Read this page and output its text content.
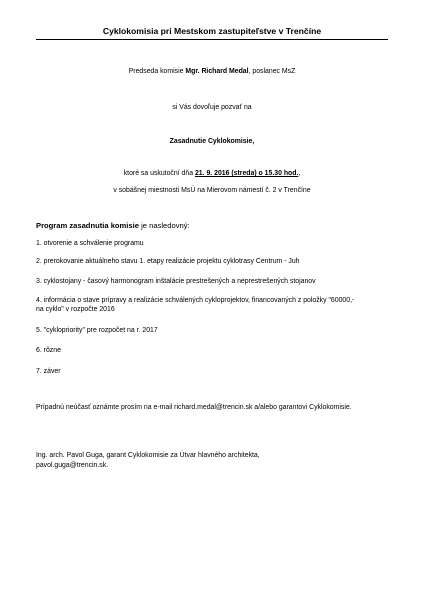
Cyklokomisia pri Mestskom zastupiteľstve v Trenčíne
Predseda komisie Mgr. Richard Medal, poslanec MsZ
si Vás dovoľuje pozvať na
Zasadnutie Cyklokomisie,
ktoré sa uskutoční dňa 21. 9. 2016 (streda) o 15.30 hod.,
v sobášnej miestnosti MsÚ na Mierovom námestí č. 2 v Trenčíne
Program zasadnutia komisie je nasledovný:
1. otvorenie a schválenie programu
2. prerokovanie aktuálneho stavu 1. etapy realizácie projektu cyklotrasy Centrum - Juh
3. cyklostojany - časový harmonogram inštalácie prestrešených a neprestrešených stojanov
4. informácia o stave prípravy a realizácie schválených cykloprojektov, financovaných z položky "60000,- na cyklo" v rozpočte 2016
5. "cyklopriority" pre rozpočet na r. 2017
6. rôzne
7. záver
Prípadnú neúčasť oznámte prosím na e-mail richard.medal@trencin.sk a/alebo garantovi Cyklokomisie.
Ing. arch. Pavol Guga, garant Cyklokomisie za Útvar hlavného architekta,
pavol.guga@trencin.sk.
